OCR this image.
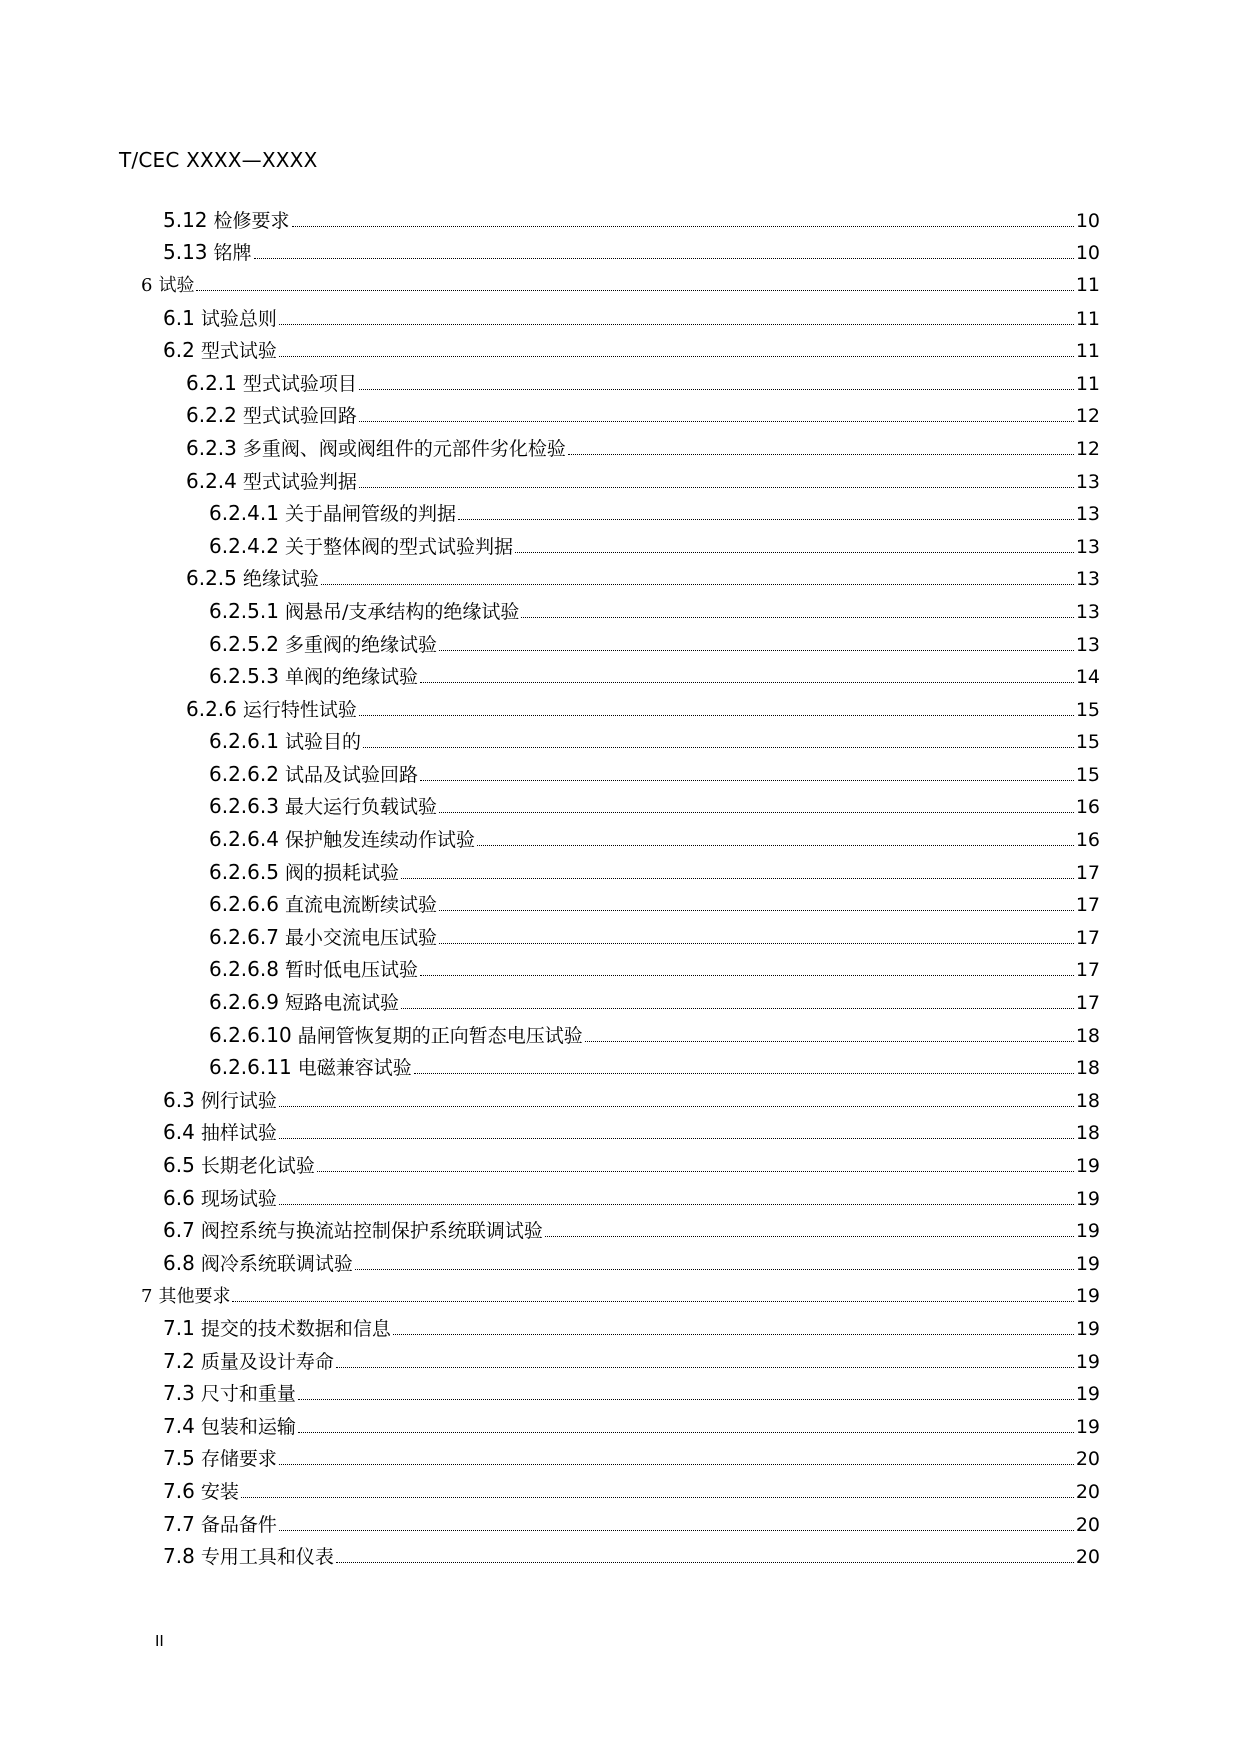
T/CEC XXXX—XXXX
5.12 检修要求	10
5.13 铭牌	10
6 试验	11
6.1 试验总则	11
6.2 型式试验	11
6.2.1 型式试验项目	11
6.2.2 型式试验回路	12
6.2.3 多重阀、阀或阀组件的元部件劣化检验	12
6.2.4 型式试验判据	13
6.2.4.1 关于晶闸管级的判据	13
6.2.4.2 关于整体阀的型式试验判据	13
6.2.5 绝缘试验	13
6.2.5.1 阀悬吊/支承结构的绝缘试验	13
6.2.5.2 多重阀的绝缘试验	13
6.2.5.3 单阀的绝缘试验	14
6.2.6 运行特性试验	15
6.2.6.1 试验目的	15
6.2.6.2 试品及试验回路	15
6.2.6.3 最大运行负载试验	16
6.2.6.4 保护触发连续动作试验	16
6.2.6.5 阀的损耗试验	17
6.2.6.6 直流电流断续试验	17
6.2.6.7 最小交流电压试验	17
6.2.6.8 暂时低电压试验	17
6.2.6.9 短路电流试验	17
6.2.6.10 晶闸管恢复期的正向暂态电压试验	18
6.2.6.11 电磁兼容试验	18
6.3 例行试验	18
6.4 抽样试验	18
6.5 长期老化试验	19
6.6 现场试验	19
6.7 阀控系统与换流站控制保护系统联调试验	19
6.8 阀冷系统联调试验	19
7 其他要求	19
7.1 提交的技术数据和信息	19
7.2 质量及设计寿命	19
7.3 尺寸和重量	19
7.4 包装和运输	19
7.5 存储要求	20
7.6 安装	20
7.7 备品备件	20
7.8 专用工具和仪表	20
II
